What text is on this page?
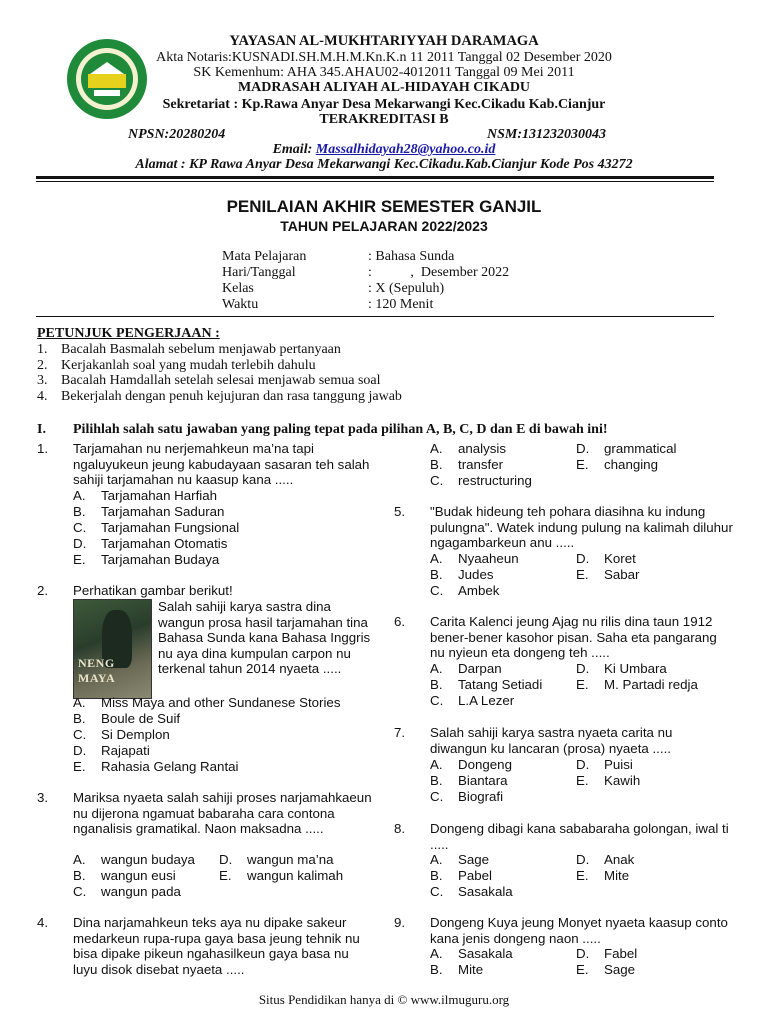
YAYASAN AL-MUKHTARIYYAH DARAMAGA
Akta Notaris:KUSNADI.SH.M.H.M.Kn.K.n 11 2011 Tanggal 02 Desember 2020
SK Kemenhum: AHA 345.AHAU02-4012011 Tanggal 09 Mei 2011
MADRASAH ALIYAH AL-HIDAYAH CIKADU
Sekretariat : Kp.Rawa Anyar Desa Mekarwangi Kec.Cikadu Kab.Cianjur
TERAKREDITASI B
NPSN:20280204	NSM:131232030043
Email: Massalhidayah28@yahoo.co.id
Alamat : KP Rawa Anyar Desa Mekarwangi Kec.Cikadu.Kab.Cianjur Kode Pos 43272
PENILAIAN AKHIR SEMESTER GANJIL
TAHUN PELAJARAN 2022/2023
Mata Pelajaran	: Bahasa Sunda
Hari/Tanggal	:           ,  Desember 2022
Kelas	: X (Sepuluh)
Waktu	: 120 Menit
PETUNJUK PENGERJAAN :
1. Bacalah Basmalah sebelum menjawab pertanyaan
2. Kerjakanlah soal yang mudah terlebih dahulu
3. Bacalah Hamdallah setelah selesai menjawab semua soal
4. Bekerjalah dengan penuh kejujuran dan rasa tanggung jawab
I. Pilihlah salah satu jawaban yang paling tepat pada pilihan A, B, C, D dan E di bawah ini!
1. Tarjamahan nu nerjemahkeun ma’na tapi ngaluyukeun jeung kabudayaan sasaran teh salah sahiji tarjamahan nu kaasup kana .....
A. Tarjamahan Harfiah
B. Tarjamahan Saduran
C. Tarjamahan Fungsional
D. Tarjamahan Otomatis
E. Tarjamahan Budaya
2. Perhatikan gambar berikut!
NENG MAYA
Salah sahiji karya sastra dina wangun prosa hasil tarjamahan tina Bahasa Sunda kana Bahasa Inggris nu aya dina kumpulan carpon nu terkenal tahun 2014 nyaeta .....
A. Miss Maya and other Sundanese Stories
B. Boule de Suif
C. Si Demplon
D. Rajapati
E. Rahasia Gelang Rantai
3. Mariksa nyaeta salah sahiji proses narjamahkaeun nu dijerona ngamuat babaraha cara contona nganalisis gramatikal. Naon maksadna .....
A. wangun budaya
B. wangun eusi
C. wangun pada
D. wangun ma’na
E. wangun kalimah
4. Dina narjamahkeun teks aya nu dipake sakeur medarkeun rupa-rupa gaya basa jeung tehnik nu bisa dipake pikeun ngahasilkeun gaya basa nu luyu disok disebat nyaeta .....
A. analysis
B. transfer
C. restructuring
D. grammatical
E. changing
5. "Budak hideung teh pohara diasihna ku indung pulungna". Watek indung pulung na kalimah diluhur ngagambarkeun anu .....
A. Nyaaheun
B. Judes
C. Ambek
D. Koret
E. Sabar
6. Carita Kalenci jeung Ajag nu rilis dina taun 1912 bener-bener kasohor pisan. Saha eta pangarang nu nyieun eta dongeng teh .....
A. Darpan
B. Tatang Setiadi
C. L.A Lezer
D. Ki Umbara
E. M. Partadi redja
7. Salah sahiji karya sastra nyaeta carita nu diwangun ku lancaran (prosa) nyaeta .....
A. Dongeng
B. Biantara
C. Biografi
D. Puisi
E. Kawih
8. Dongeng dibagi kana sababaraha golongan, iwal ti .....
A. Sage
B. Pabel
C. Sasakala
D. Anak
E. Mite
9. Dongeng Kuya jeung Monyet nyaeta kaasup conto kana jenis dongeng naon .....
A. Sasakala
B. Mite
D. Fabel
E. Sage
Situs Pendidikan hanya di © www.ilmuguru.org
